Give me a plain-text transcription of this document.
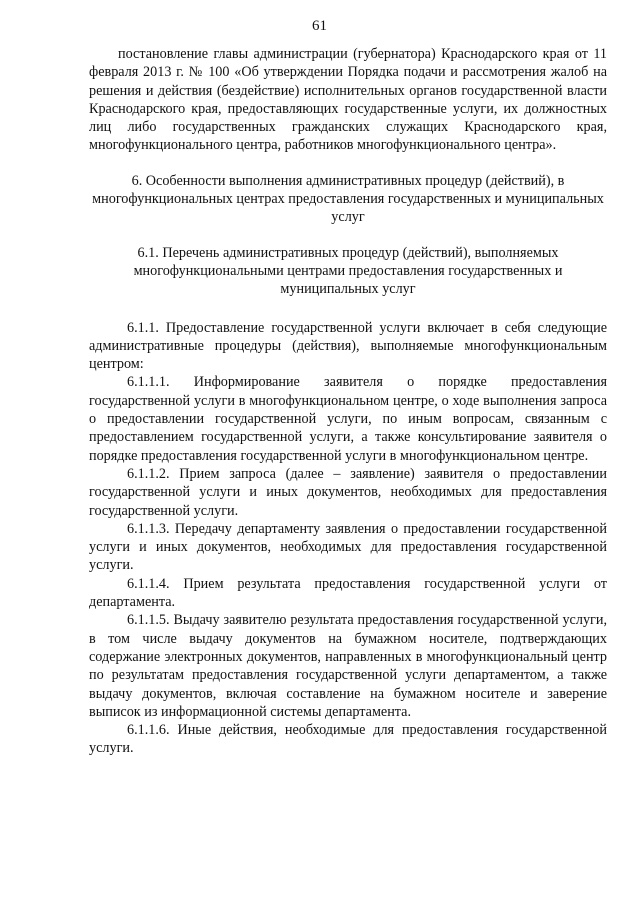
61

постановление главы администрации (губернатора) Краснодарского края от 11 февраля 2013 г. № 100 «Об утверждении Порядка подачи и рассмотрения жалоб на решения и действия (бездействие) исполнительных органов государственной власти Краснодарского края, предоставляющих государственные услуги, их должностных лиц либо государственных гражданских служащих Краснодарского края, многофункционального центра, работников многофункционального центра».

6. Особенности выполнения административных процедур (действий), в многофункциональных центрах предоставления государственных и муниципальных услуг

6.1. Перечень административных процедур (действий), выполняемых многофункциональными центрами предоставления государственных и муниципальных услуг

6.1.1. Предоставление государственной услуги включает в себя следующие административные процедуры (действия), выполняемые многофункциональным центром:

6.1.1.1. Информирование заявителя о порядке предоставления государственной услуги в многофункциональном центре, о ходе выполнения запроса о предоставлении государственной услуги, по иным вопросам, связанным с предоставлением государственной услуги, а также консультирование заявителя о порядке предоставления государственной услуги в многофункциональном центре.

6.1.1.2. Прием запроса (далее – заявление) заявителя о предоставлении государственной услуги и иных документов, необходимых для предоставления государственной услуги.

6.1.1.3. Передачу департаменту заявления о предоставлении государственной услуги и иных документов, необходимых для предоставления государственной услуги.

6.1.1.4. Прием результата предоставления государственной услуги от департамента.

6.1.1.5. Выдачу заявителю результата предоставления государственной услуги, в том числе выдачу документов на бумажном носителе, подтверждающих содержание электронных документов, направленных в многофункциональный центр по результатам предоставления государственной услуги департаментом, а также выдачу документов, включая составление на бумажном носителе и заверение выписок из информационной системы департамента.

6.1.1.6. Иные действия, необходимые для предоставления государственной услуги.
